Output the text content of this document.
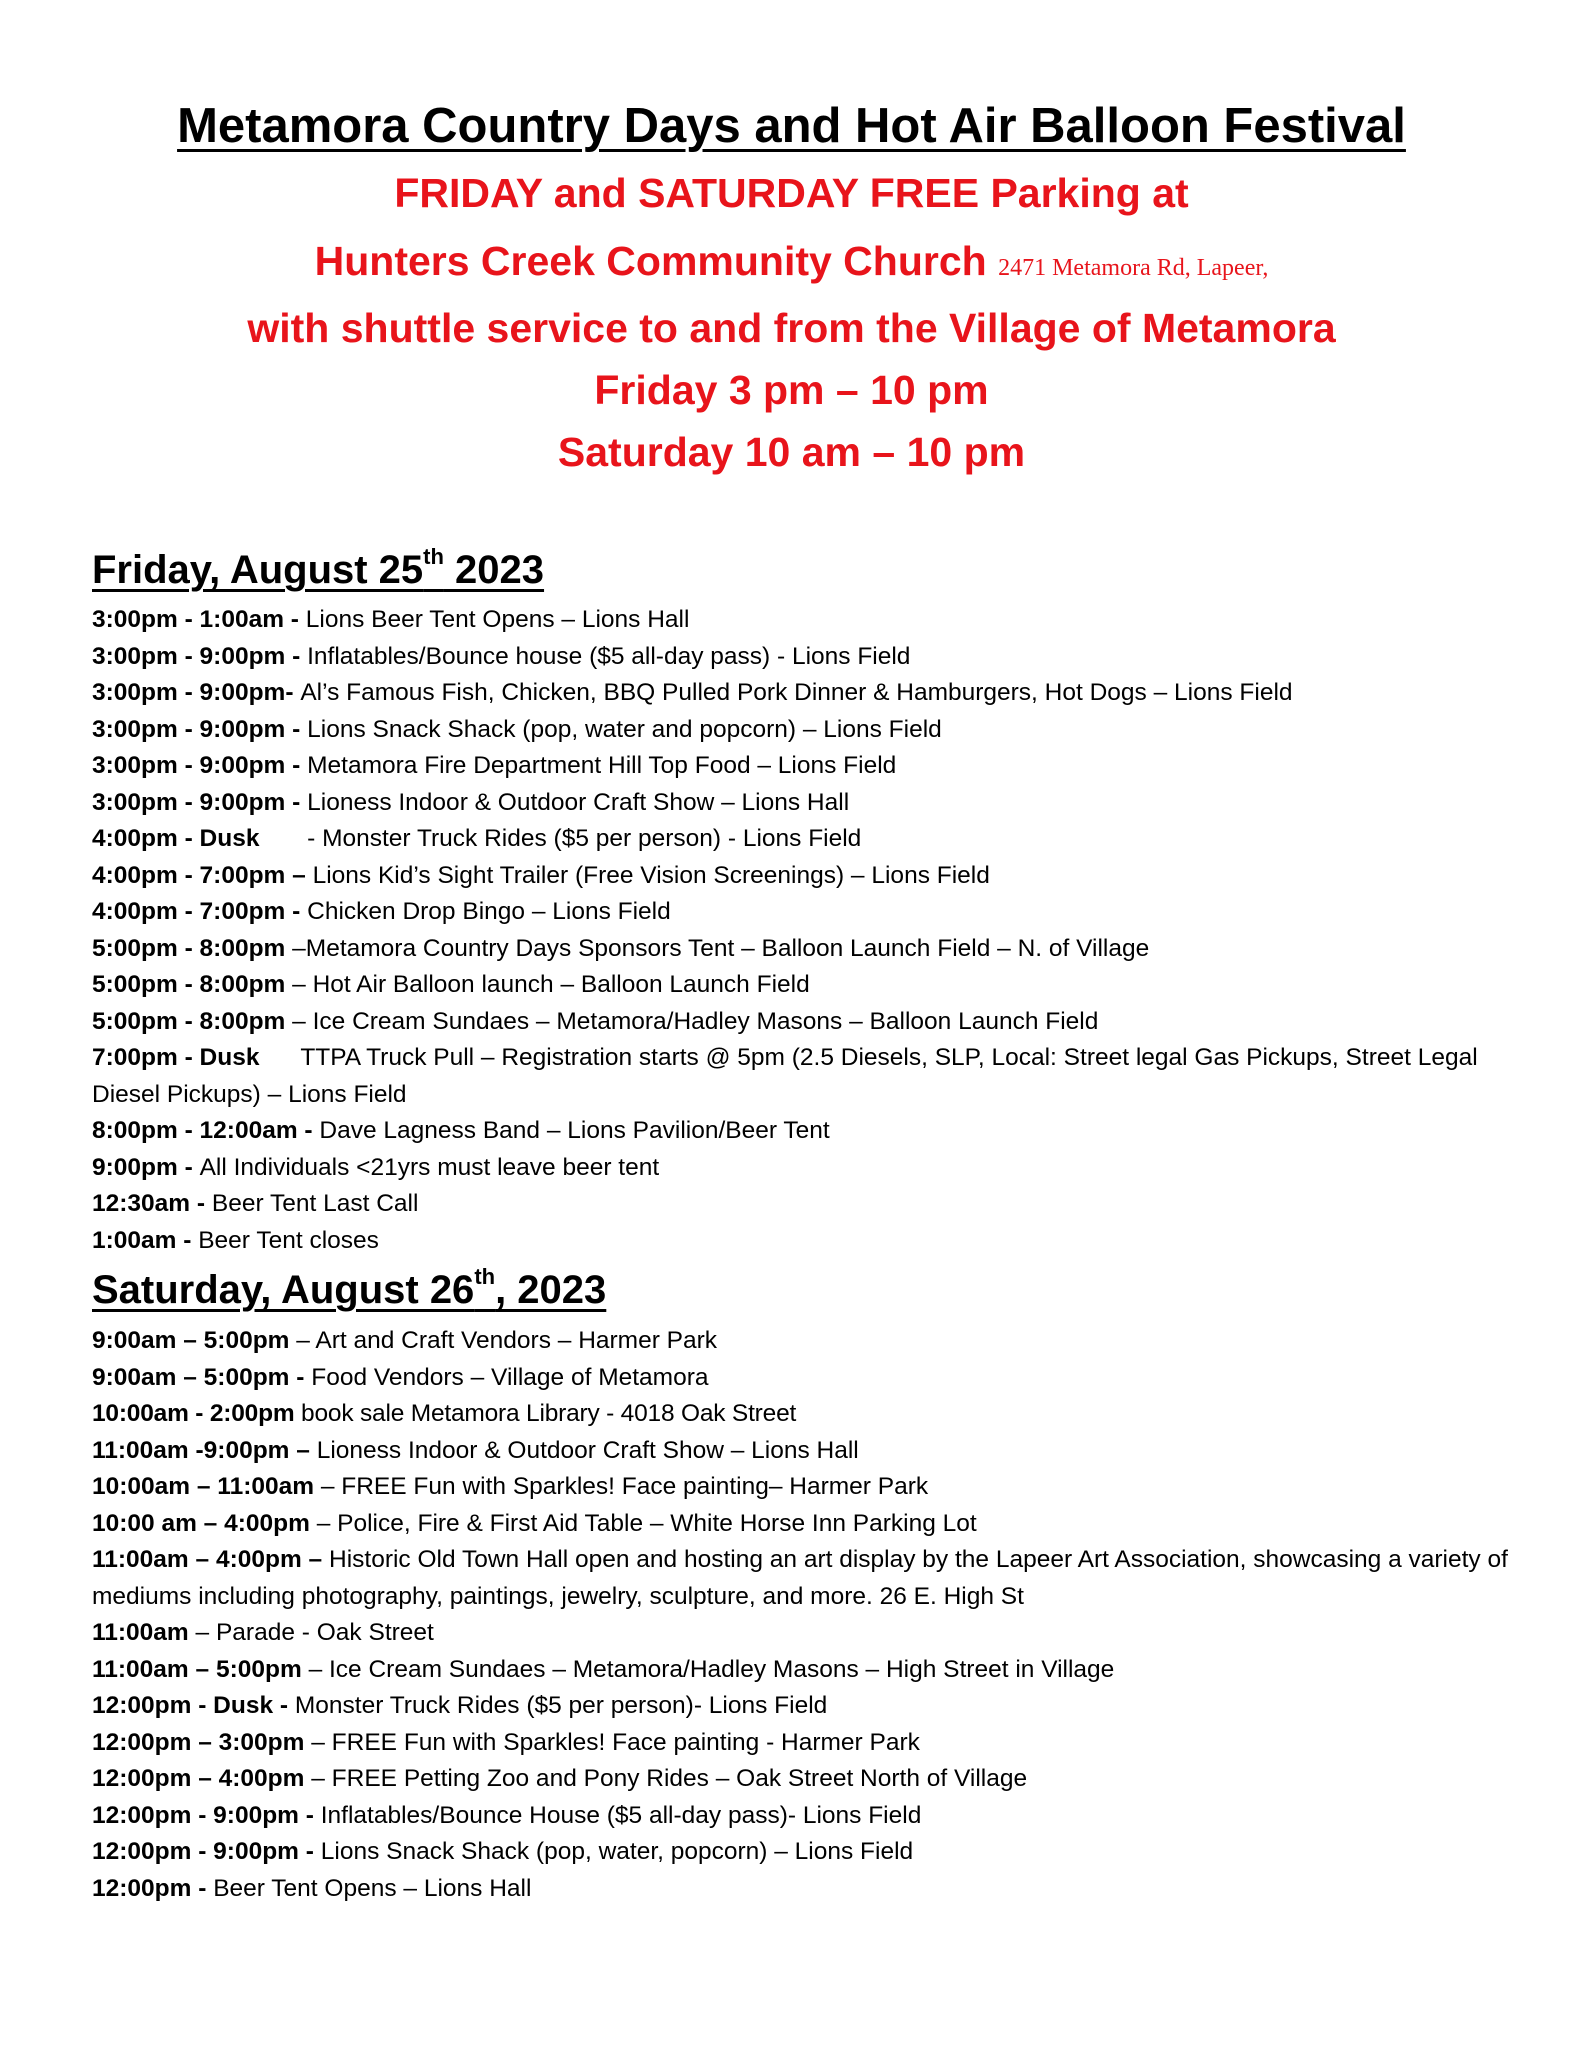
Metamora Country Days and Hot Air Balloon Festival
FRIDAY and SATURDAY FREE Parking at
Hunters Creek Community Church 2471 Metamora Rd, Lapeer,
with shuttle service to and from the Village of Metamora
Friday 3 pm – 10 pm
Saturday 10 am – 10 pm
Friday, August 25th 2023
3:00pm - 1:00am - Lions Beer Tent Opens – Lions Hall
3:00pm - 9:00pm - Inflatables/Bounce house ($5 all-day pass) - Lions Field
3:00pm - 9:00pm- Al’s Famous Fish, Chicken, BBQ Pulled Pork Dinner & Hamburgers, Hot Dogs – Lions Field
3:00pm - 9:00pm - Lions Snack Shack (pop, water and popcorn) – Lions Field
3:00pm - 9:00pm - Metamora Fire Department Hill Top Food – Lions Field
3:00pm - 9:00pm - Lioness Indoor & Outdoor Craft Show – Lions Hall
4:00pm - Dusk       - Monster Truck Rides ($5 per person) - Lions Field
4:00pm - 7:00pm – Lions Kid’s Sight Trailer (Free Vision Screenings) – Lions Field
4:00pm - 7:00pm - Chicken Drop Bingo – Lions Field
5:00pm - 8:00pm –Metamora Country Days Sponsors Tent – Balloon Launch Field – N. of Village
5:00pm - 8:00pm – Hot Air Balloon launch – Balloon Launch Field
5:00pm - 8:00pm – Ice Cream Sundaes – Metamora/Hadley Masons – Balloon Launch Field
7:00pm - Dusk      TTPA Truck Pull – Registration starts @ 5pm (2.5 Diesels, SLP, Local: Street legal Gas Pickups, Street Legal Diesel Pickups) – Lions Field
8:00pm - 12:00am - Dave Lagness Band – Lions Pavilion/Beer Tent
9:00pm - All Individuals <21yrs must leave beer tent
12:30am - Beer Tent Last Call
1:00am - Beer Tent closes
Saturday, August 26th, 2023
9:00am – 5:00pm – Art and Craft Vendors – Harmer Park
9:00am – 5:00pm - Food Vendors – Village of Metamora
10:00am - 2:00pm book sale Metamora Library - 4018 Oak Street
11:00am -9:00pm – Lioness Indoor & Outdoor Craft Show – Lions Hall
10:00am – 11:00am – FREE Fun with Sparkles! Face painting– Harmer Park
10:00 am – 4:00pm – Police, Fire & First Aid Table – White Horse Inn Parking Lot
11:00am – 4:00pm – Historic Old Town Hall open and hosting an art display by the Lapeer Art Association, showcasing a variety of mediums including photography, paintings, jewelry, sculpture, and more. 26 E. High St
11:00am – Parade - Oak Street
11:00am – 5:00pm – Ice Cream Sundaes – Metamora/Hadley Masons – High Street in Village
12:00pm - Dusk - Monster Truck Rides ($5 per person)- Lions Field
12:00pm – 3:00pm – FREE Fun with Sparkles! Face painting - Harmer Park
12:00pm – 4:00pm – FREE Petting Zoo and Pony Rides – Oak Street North of Village
12:00pm - 9:00pm - Inflatables/Bounce House ($5 all-day pass)- Lions Field
12:00pm - 9:00pm - Lions Snack Shack (pop, water, popcorn) – Lions Field
12:00pm - Beer Tent Opens – Lions Hall
